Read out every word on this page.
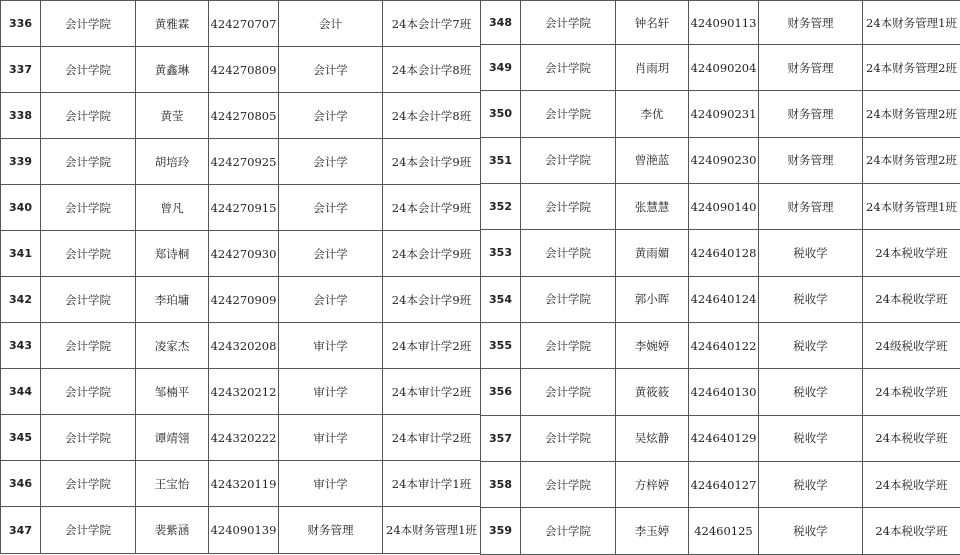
336	会计学院	黄雅霖	424270707	会计	24本会计学7班
337	会计学院	黄鑫琳	424270809	会计学	24本会计学8班
338	会计学院	黄莹	424270805	会计学	24本会计学8班
339	会计学院	胡培玲	424270925	会计学	24本会计学9班
340	会计学院	曾凡	424270915	会计学	24本会计学9班
341	会计学院	郑诗桐	424270930	会计学	24本会计学9班
342	会计学院	李珀墉	424270909	会计学	24本会计学9班
343	会计学院	凌家杰	424320208	审计学	24本审计学2班
344	会计学院	邹楠平	424320212	审计学	24本审计学2班
345	会计学院	谭靖翎	424320222	审计学	24本审计学2班
346	会计学院	王宝怡	424320119	审计学	24本审计学1班
347	会计学院	裴紫涵	424090139	财务管理	24本财务管理1班
348	会计学院	钟名轩	424090113	财务管理	24本财务管理1班
349	会计学院	肖雨玥	424090204	财务管理	24本财务管理2班
350	会计学院	李优	424090231	财务管理	24本财务管理2班
351	会计学院	曾滟蓝	424090230	财务管理	24本财务管理2班
352	会计学院	张慧慧	424090140	财务管理	24本财务管理1班
353	会计学院	黄雨媚	424640128	税收学	24本税收学班
354	会计学院	郭小晖	424640124	税收学	24本税收学班
355	会计学院	李婉婷	424640122	税收学	24级税收学班
356	会计学院	黄筱筱	424640130	税收学	24本税收学班
357	会计学院	吴炫静	424640129	税收学	24本税收学班
358	会计学院	方梓婷	424640127	税收学	24本税收学班
359	会计学院	李玉婷	42460125	税收学	24本税收学班
